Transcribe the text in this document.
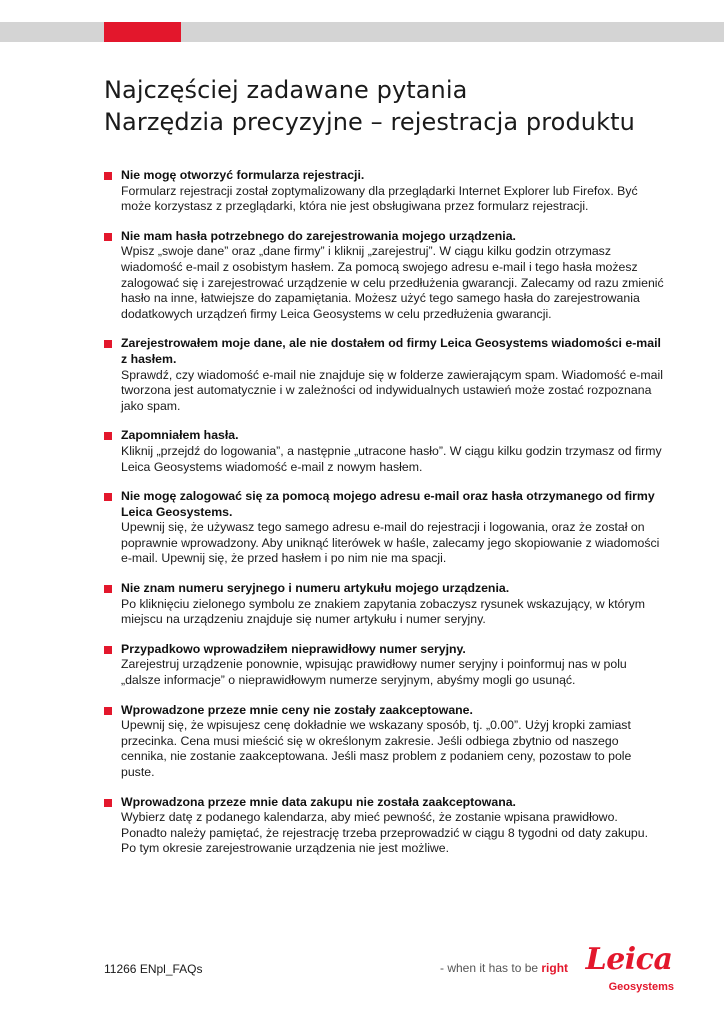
Najczęściej zadawane pytania
Narzędzia precyzyjne – rejestracja produktu
Nie mogę otworzyć formularza rejestracji.
Formularz rejestracji został zoptymalizowany dla przeglądarki Internet Explorer lub Firefox. Być może korzystasz z przeglądarki, która nie jest obsługiwana przez formularz rejestracji.
Nie mam hasła potrzebnego do zarejestrowania mojego urządzenia.
Wpisz „swoje dane” oraz „dane firmy” i kliknij „zarejestruj”. W ciągu kilku godzin otrzymasz wiadomość e-mail z osobistym hasłem. Za pomocą swojego adresu e-mail i tego hasła możesz zalogować się i zarejestrować urządzenie w celu przedłużenia gwarancji. Zalecamy od razu zmienić hasło na inne, łatwiejsze do zapamiętania. Możesz użyć tego samego hasła do zarejestrowania dodatkowych urządzeń firmy Leica Geosystems w celu przedłużenia gwarancji.
Zarejestrowałem moje dane, ale nie dostałem od firmy Leica Geosystems wiadomości e-mail z hasłem.
Sprawdź, czy wiadomość e-mail nie znajduje się w folderze zawierającym spam. Wiadomość e-mail tworzona jest automatycznie i w zależności od indywidualnych ustawień może zostać rozpoznana jako spam.
Zapomniałem hasła.
Kliknij „przejdź do logowania”, a następnie „utracone hasło”. W ciągu kilku godzin trzymasz od firmy Leica Geosystems wiadomość e-mail z nowym hasłem.
Nie mogę zalogować się za pomocą mojego adresu e-mail oraz hasła otrzymanego od firmy Leica Geosystems.
Upewnij się, że używasz tego samego adresu e-mail do rejestracji i logowania, oraz że został on poprawnie wprowadzony. Aby uniknąć literówek w haśle, zalecamy jego skopiowanie z wiadomości e-mail. Upewnij się, że przed hasłem i po nim nie ma spacji.
Nie znam numeru seryjnego i numeru artykułu mojego urządzenia.
Po kliknięciu zielonego symbolu ze znakiem zapytania zobaczysz rysunek wskazujący, w którym miejscu na urządzeniu znajduje się numer artykułu i numer seryjny.
Przypadkowo wprowadziłem nieprawidłowy numer seryjny.
Zarejestruj urządzenie ponownie, wpisując prawidłowy numer seryjny i poinformuj nas w polu „dalsze informacje” o nieprawidłowym numerze seryjnym, abyśmy mogli go usunąć.
Wprowadzone przeze mnie ceny nie zostały zaakceptowane.
Upewnij się, że wpisujesz cenę dokładnie we wskazany sposób, tj. „0.00”. Użyj kropki zamiast przecinka. Cena musi mieścić się w określonym zakresie. Jeśli odbiega zbytnio od naszego cennika, nie zostanie zaakceptowana. Jeśli masz problem z podaniem ceny, pozostaw to pole puste.
Wprowadzona przeze mnie data zakupu nie została zaakceptowana.
Wybierz datę z podanego kalendarza, aby mieć pewność, że zostanie wpisana prawidłowo. Ponadto należy pamiętać, że rejestrację trzeba przeprowadzić w ciągu 8 tygodni od daty zakupu. Po tym okresie zarejestrowanie urządzenia nie jest możliwe.
11266 ENpl_FAQs	- when it has to be right Leica
Geosystems
